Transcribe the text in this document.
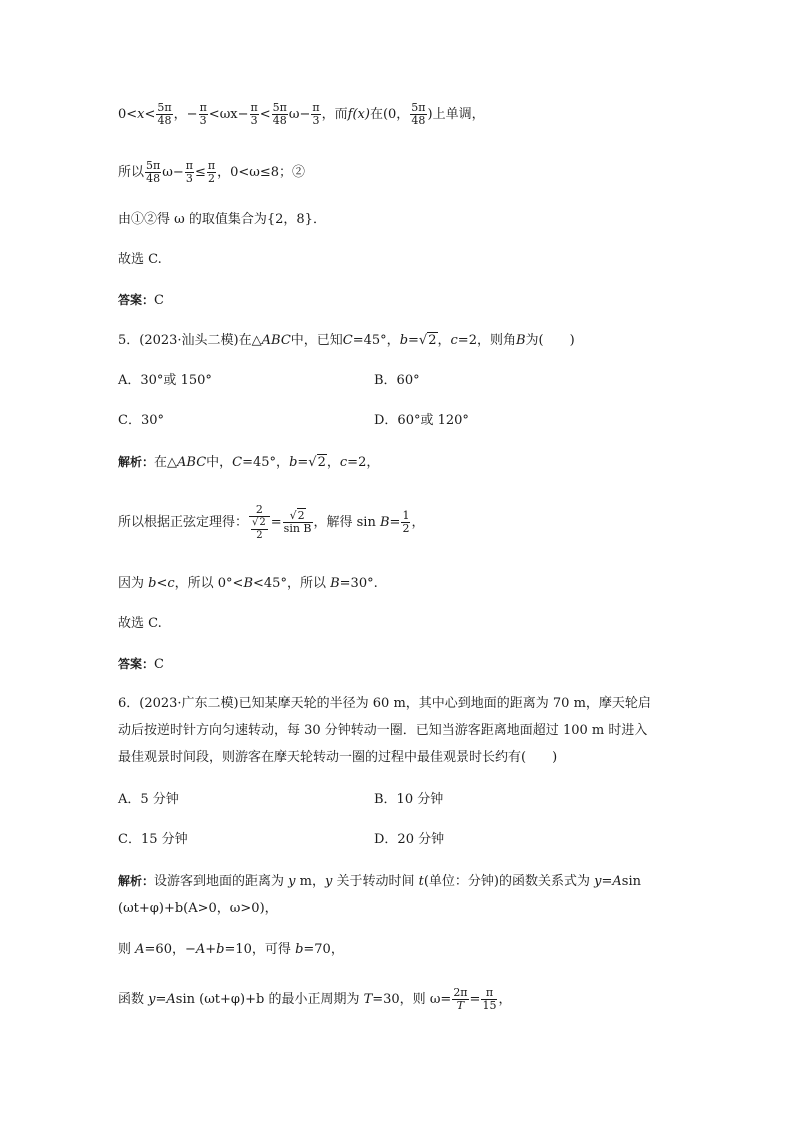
$0<x< \frac{5\pi}{48}$ ，− $\frac{\pi}{3} <\omega x- \frac{\pi}{3} < \frac{5\pi}{48} \omega- \frac{\pi}{3}$ ，而f(x)在(0， $\frac{5\pi}{48}$ )上单调，
所以 $\frac{5\pi}{48} \omega- \frac{\pi}{3} \le \frac{\pi}{2}$ ，0<ω≤8；②
由①②得 ω 的取值集合为{2，8}．
故选 C.
答案：C
5．(2023·汕头二模)在△ABC中，已知C=45°，b=√2，c=2，则角B为(　　)
A．30°或 150°	B．60°
C．30°	D．60°或 120°
解析：在△ABC中，C=45°，b=√2，c=2，
所以根据正弦定理得： $\frac{2}{\frac{√2}{2}} = \frac{√2}{\text{sin B}}$ ，解得 $\sin B= \frac{1}{2}$ ，
因为 b<c，所以 0°<B<45°，所以 B=30°.
故选 C.
答案：C
6．(2023·广东二模)已知某摩天轮的半径为 60 m，其中心到地面的距离为 70 m，摩天轮启
动后按逆时针方向匀速转动，每 30 分钟转动一圈．已知当游客距离地面超过 100 m 时进入
最佳观景时间段，则游客在摩天轮转动一圈的过程中最佳观景时长约有(　　)
A．5 分钟	B．10 分钟
C．15 分钟	D．20 分钟
解析：设游客到地面的距离为 y m，y 关于转动时间 t(单位：分钟)的函数关系式为 y=Asin
(ωt+φ)+b(A>0，ω>0)，
则 A=60，−A+b=10，可得 b=70，
函数 y=Asin (ωt+φ)+b 的最小正周期为 T=30，则 $\omega= \frac{2\pi}{T} = \frac{\pi}{15}$ ，
